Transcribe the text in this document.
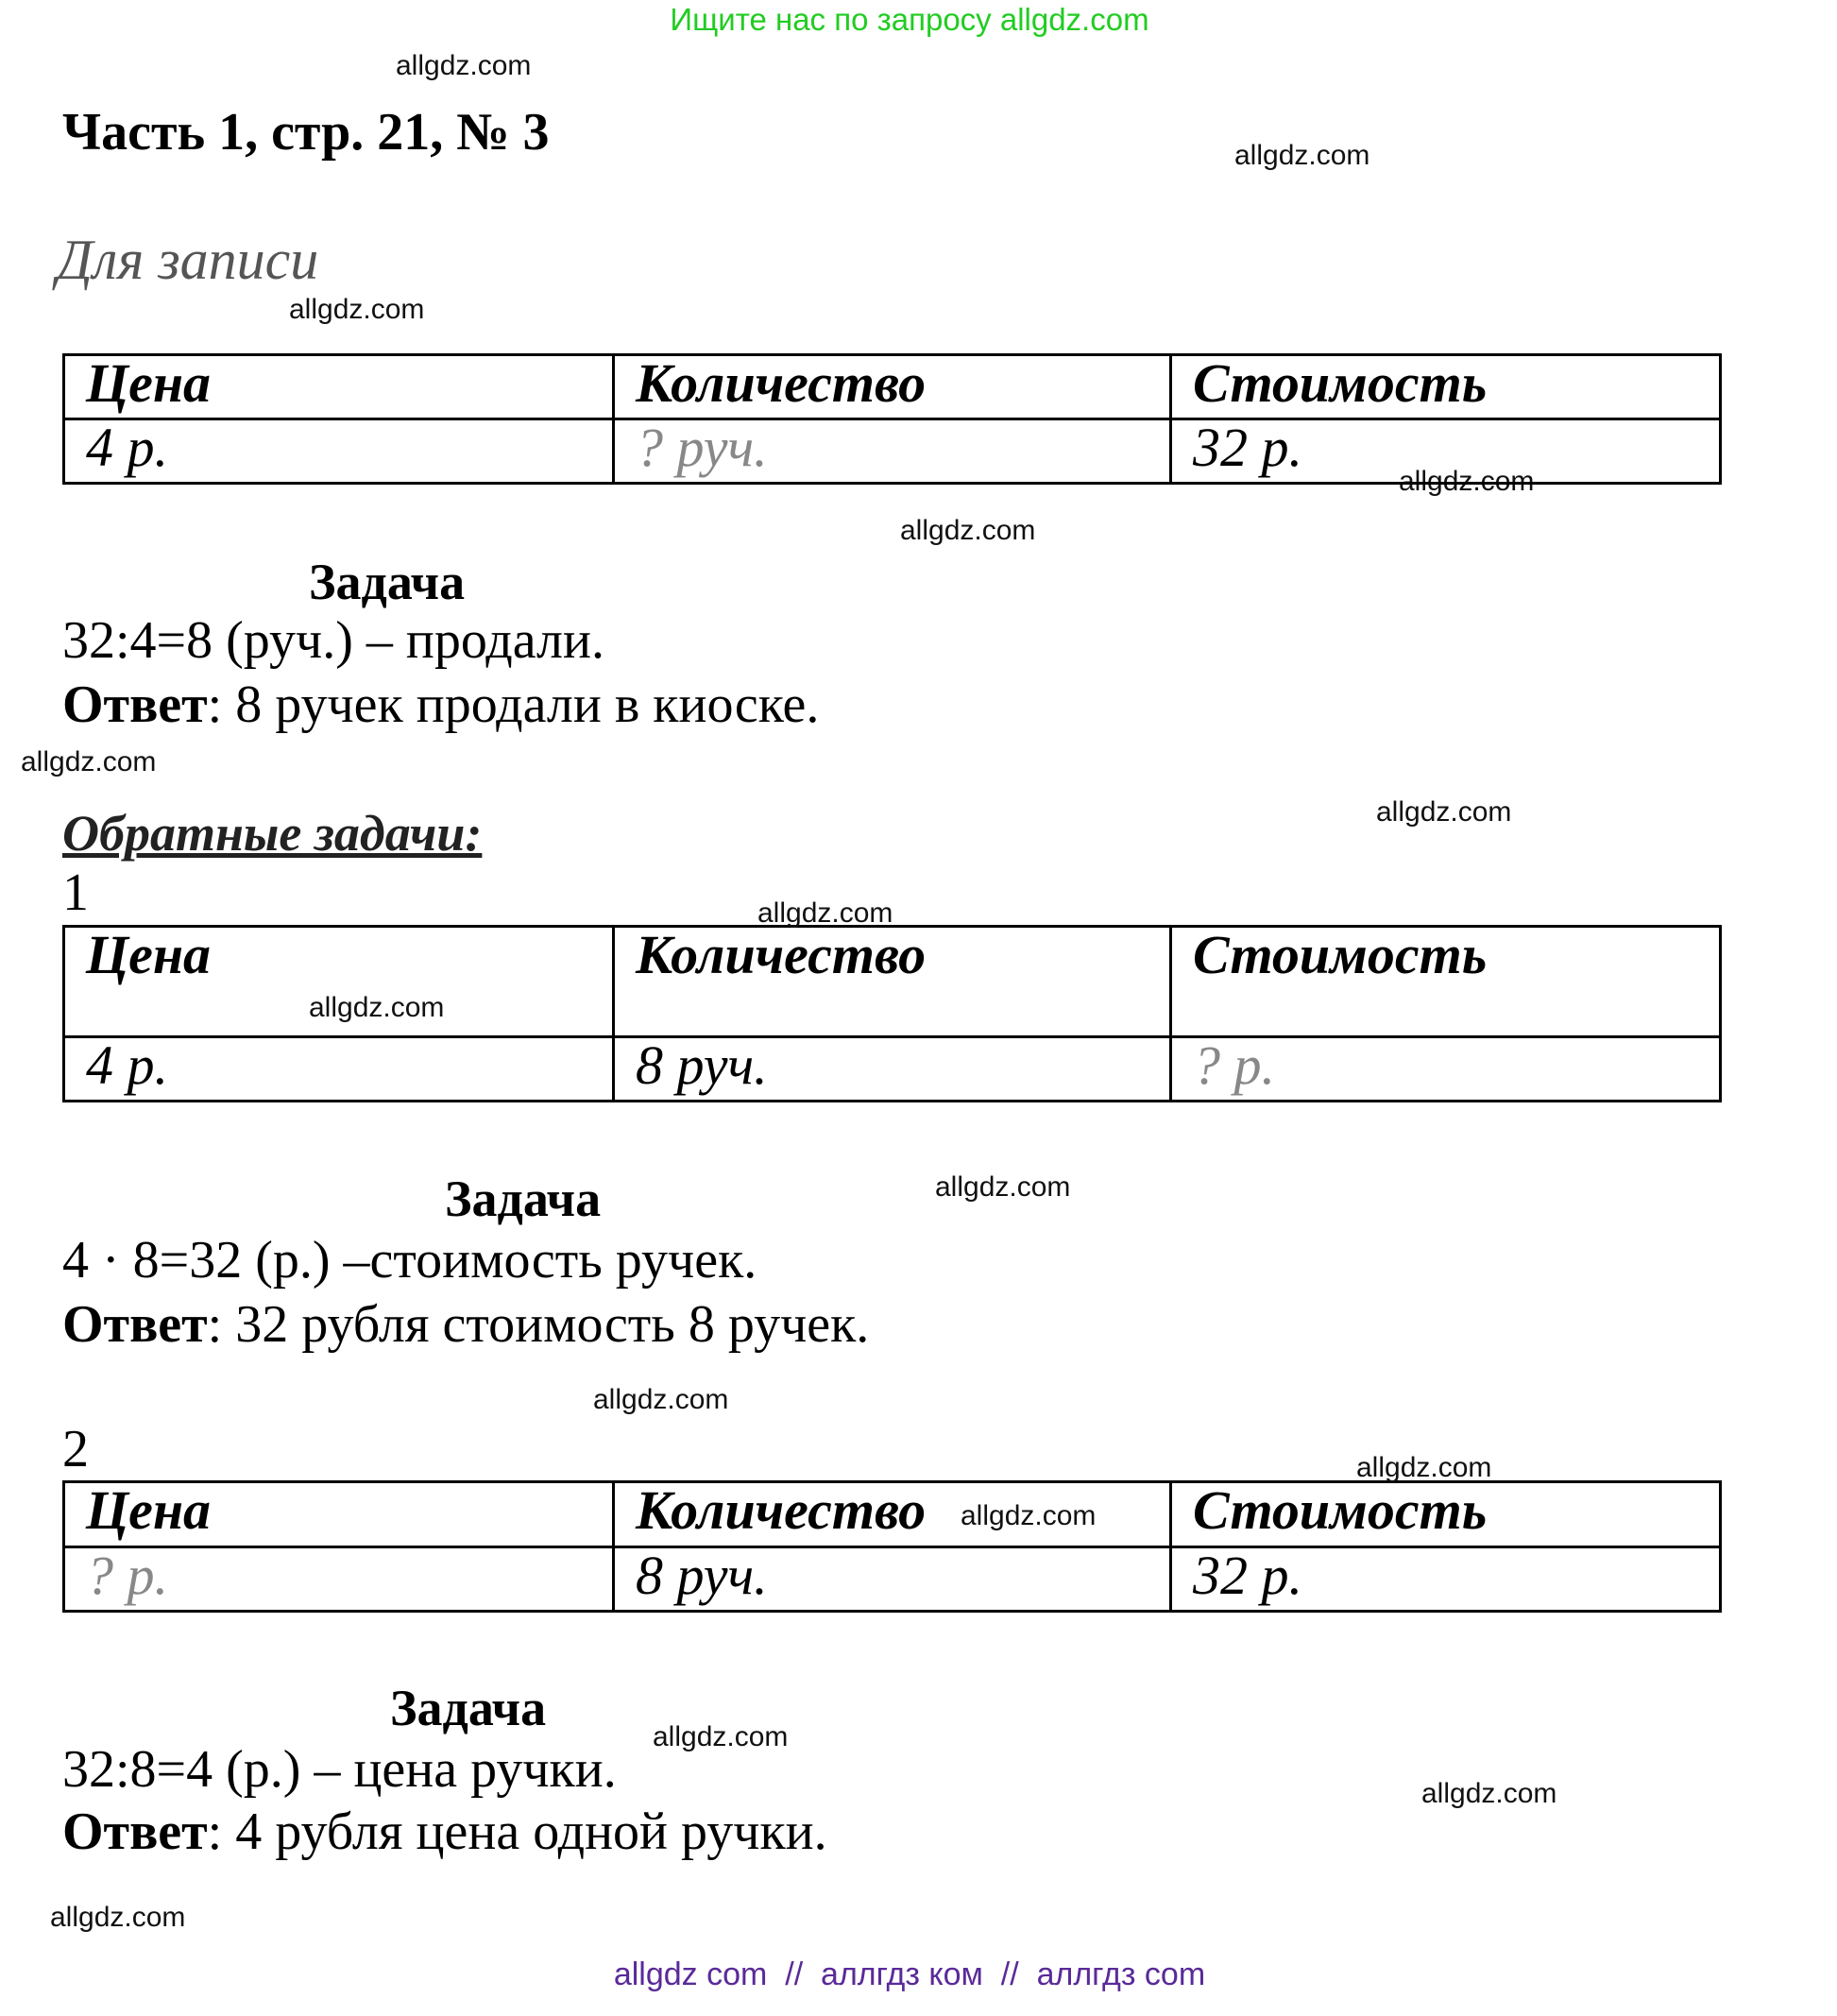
Ищите нас по запросу allgdz.com
allgdz.com
allgdz.com
allgdz.com
allgdz.com
allgdz.com
allgdz.com
allgdz.com
allgdz.com
allgdz.com
allgdz.com
allgdz.com
allgdz.com
allgdz.com
allgdz.com
allgdz.com
allgdz.com
Часть 1, стр. 21, № 3
Для записи
Цена	Количество	Стоимость
4 р.	? руч.	32 р.
Задача
32:4=8 (руч.) – продали.
Ответ: 8 ручек продали в киоске.
Обратные задачи:
1
Цена	Количество	Стоимость
4 р.	8 руч.	? р.
Задача
4 · 8=32 (р.) –стоимость ручек.
Ответ: 32 рубля стоимость 8 ручек.
2
Цена	Количество	Стоимость
? р.	8 руч.	32 р.
Задача
32:8=4 (р.) – цена ручки.
Ответ: 4 рубля цена одной ручки.
allgdz com  //  аллгдз ком  //  аллгдз com
